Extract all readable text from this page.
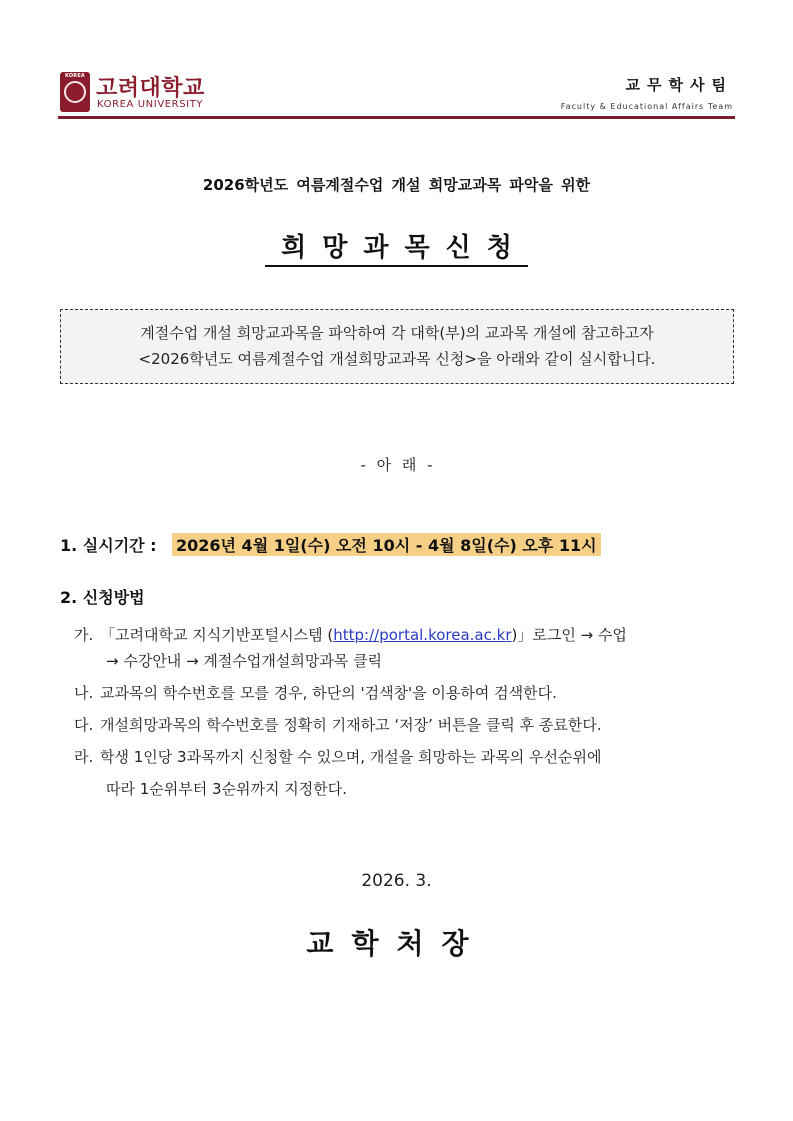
KOREA 고려대학교
KOREA UNIVERSITY
교무학사팀
Faculty & Educational Affairs Team
2026학년도 여름계절수업 개설 희망교과목 파악을 위한
희망과목신청
계절수업 개설 희망교과목을 파악하여 각 대학(부)의 교과목 개설에 참고하고자
<2026학년도 여름계절수업 개설희망교과목 신청>을 아래와 같이 실시합니다.
- 아 래 -
1. 실시기간 : 2026년 4월 1일(수) 오전 10시 - 4월 8일(수) 오후 11시
2. 신청방법
가. 「고려대학교 지식기반포털시스템 (http://portal.korea.ac.kr)」로그인 → 수업
→ 수강안내 → 계절수업개설희망과목 클릭
나. 교과목의 학수번호를 모를 경우, 하단의 '검색창'을 이용하여 검색한다.
다. 개설희망과목의 학수번호를 정확히 기재하고 ‘저장’ 버튼을 클릭 후 종료한다.
라. 학생 1인당 3과목까지 신청할 수 있으며, 개설을 희망하는 과목의 우선순위에
따라 1순위부터 3순위까지 지정한다.
2026. 3.
교학처장
